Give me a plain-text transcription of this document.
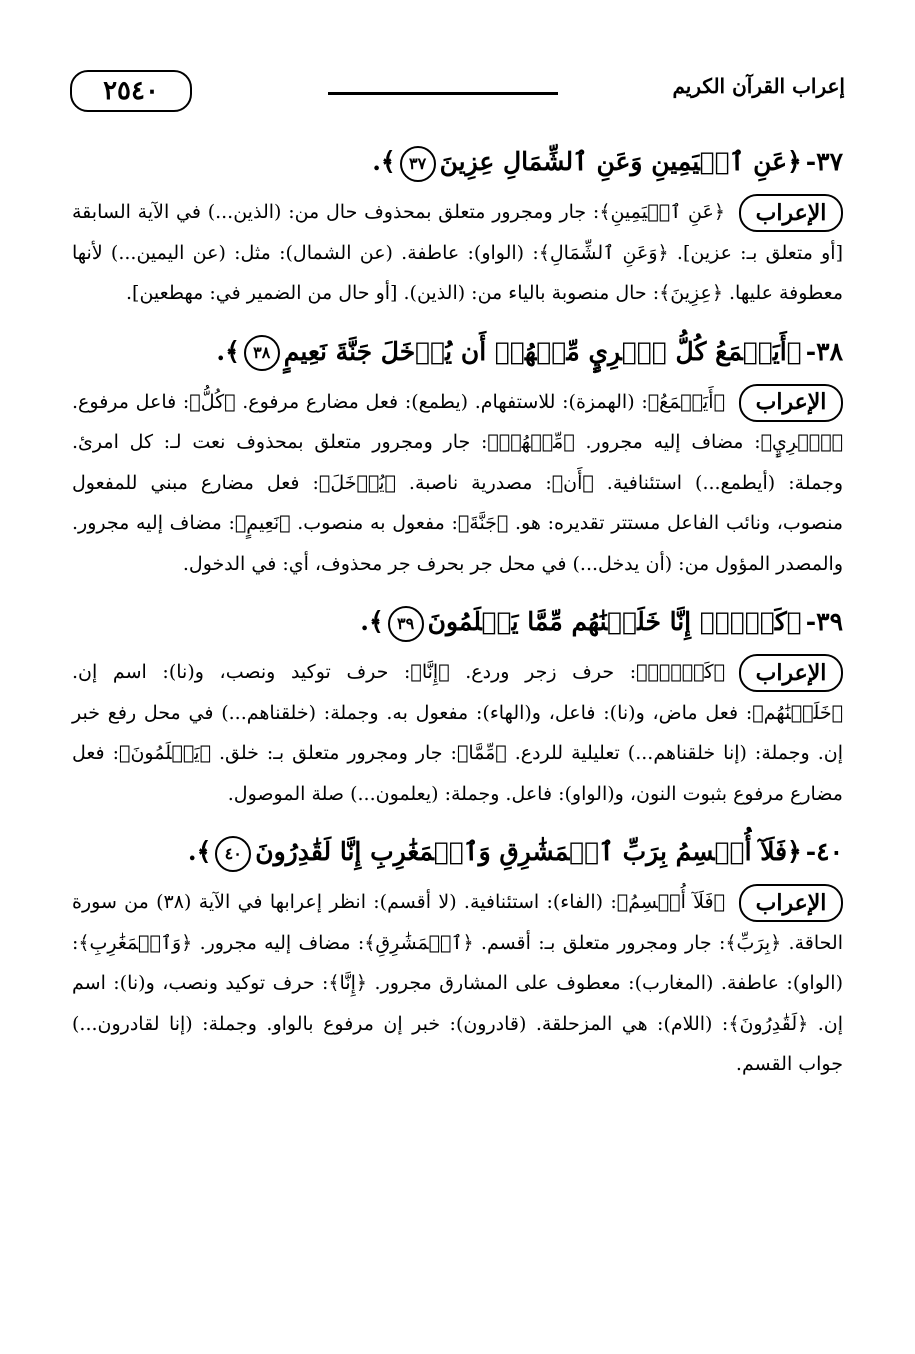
٢٥٤٠	إعراب القرآن الكريم
٣٧-﴿عَنِ ٱلۡيَمِينِ وَعَنِ ٱلشِّمَالِ عِزِينَ٣٧﴾.
الإعراب
﴿عَنِ ٱلۡيَمِينِ﴾: جار ومجرور متعلق بمحذوف حال من: (الذين...) في الآية السابقة [أو متعلق بـ: عزين]. ﴿وَعَنِ ٱلشِّمَالِ﴾: (الواو): عاطفة. (عن الشمال): مثل: (عن اليمين...) لأنها معطوفة عليها. ﴿عِزِينَ﴾: حال منصوبة بالياء من: (الذين). [أو حال من الضمير في: مهطعين].
٣٨-﴿أَيَطۡمَعُ كُلُّ ٱمۡرِيٍٕ مِّنۡهُمۡ أَن يُدۡخَلَ جَنَّةَ نَعِيمٍ٣٨﴾.
الإعراب
﴿أَيَطۡمَعُ﴾: (الهمزة): للاستفهام. (يطمع): فعل مضارع مرفوع. ﴿كُلُّ﴾: فاعل مرفوع. ﴿ٱمۡرِيٍٕ﴾: مضاف إليه مجرور. ﴿مِّنۡهُمۡ﴾: جار ومجرور متعلق بمحذوف نعت لـ: كل امرئ. وجملة: (أيطمع...) استئنافية. ﴿أَن﴾: مصدرية ناصبة. ﴿يُدۡخَلَ﴾: فعل مضارع مبني للمفعول منصوب، ونائب الفاعل مستتر تقديره: هو. ﴿جَنَّةَ﴾: مفعول به منصوب. ﴿نَعِيمٍ﴾: مضاف إليه مجرور. والمصدر المؤول من: (أن يدخل...) في محل جر بحرف جر محذوف، أي: في الدخول.
٣٩-﴿كَلَّآۖ إِنَّا خَلَقۡنَٰهُم مِّمَّا يَعۡلَمُونَ٣٩﴾.
الإعراب
﴿كَلَّآۖ﴾: حرف زجر وردع. ﴿إِنَّا﴾: حرف توكيد ونصب، و(نا): اسم إن. ﴿خَلَقۡنَٰهُم﴾: فعل ماض، و(نا): فاعل، و(الهاء): مفعول به. وجملة: (خلقناهم...) في محل رفع خبر إن. وجملة: (إنا خلقناهم...) تعليلية للردع. ﴿مِّمَّا﴾: جار ومجرور متعلق بـ: خلق. ﴿يَعۡلَمُونَ﴾: فعل مضارع مرفوع بثبوت النون، و(الواو): فاعل. وجملة: (يعلمون...) صلة الموصول.
٤٠-﴿فَلَآ أُقۡسِمُ بِرَبِّ ٱلۡمَشَٰرِقِ وَٱلۡمَغَٰرِبِ إِنَّا لَقَٰدِرُونَ٤٠﴾.
الإعراب
﴿فَلَآ أُقۡسِمُ﴾: (الفاء): استئنافية. (لا أقسم): انظر إعرابها في الآية (٣٨) من سورة الحاقة. ﴿بِرَبِّ﴾: جار ومجرور متعلق بـ: أقسم. ﴿ٱلۡمَشَٰرِقِ﴾: مضاف إليه مجرور. ﴿وَٱلۡمَغَٰرِبِ﴾: (الواو): عاطفة. (المغارب): معطوف على المشارق مجرور. ﴿إِنَّا﴾: حرف توكيد ونصب، و(نا): اسم إن. ﴿لَقَٰدِرُونَ﴾: (اللام): هي المزحلقة. (قادرون): خبر إن مرفوع بالواو. وجملة: (إنا لقادرون...) جواب القسم.
